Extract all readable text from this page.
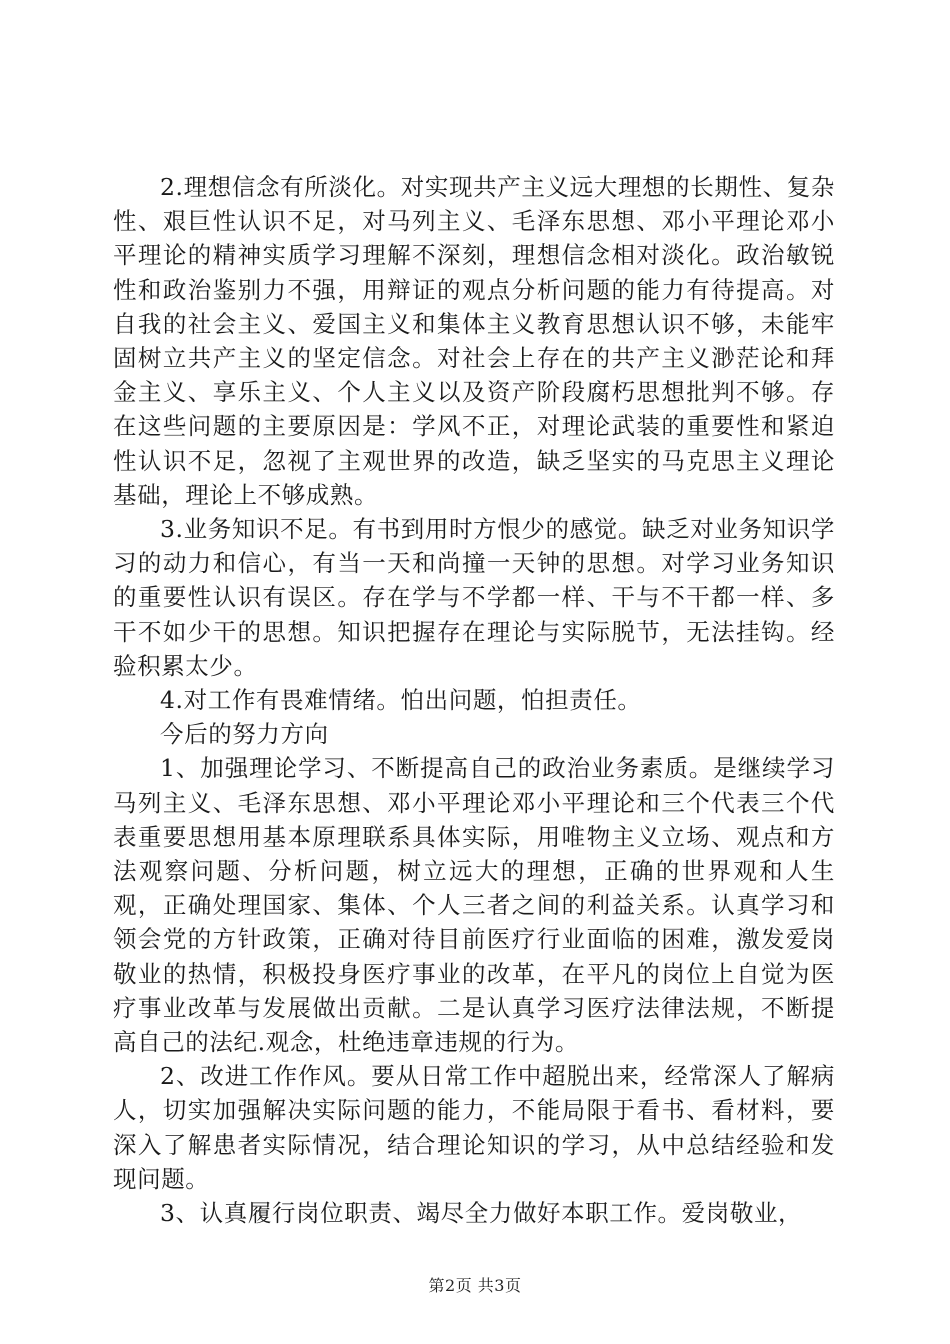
2.理想信念有所淡化。对实现共产主义远大理想的长期性、复杂性、艰巨性认识不足，对马列主义、毛泽东思想、邓小平理论邓小平理论的精神实质学习理解不深刻，理想信念相对淡化。政治敏锐性和政治鉴别力不强，用辩证的观点分析问题的能力有待提高。对自我的社会主义、爱国主义和集体主义教育思想认识不够，未能牢固树立共产主义的坚定信念。对社会上存在的共产主义渺茫论和拜金主义、享乐主义、个人主义以及资产阶段腐朽思想批判不够。存在这些问题的主要原因是：学风不正，对理论武装的重要性和紧迫性认识不足，忽视了主观世界的改造，缺乏坚实的马克思主义理论基础，理论上不够成熟。

3.业务知识不足。有书到用时方恨少的感觉。缺乏对业务知识学习的动力和信心，有当一天和尚撞一天钟的思想。对学习业务知识的重要性认识有误区。存在学与不学都一样、干与不干都一样、多干不如少干的思想。知识把握存在理论与实际脱节，无法挂钩。经验积累太少。

4.对工作有畏难情绪。怕出问题，怕担责任。

今后的努力方向

1、加强理论学习、不断提高自己的政治业务素质。是继续学习马列主义、毛泽东思想、邓小平理论邓小平理论和三个代表三个代表重要思想用基本原理联系具体实际，用唯物主义立场、观点和方法观察问题、分析问题，树立远大的理想，正确的世界观和人生观，正确处理国家、集体、个人三者之间的利益关系。认真学习和领会党的方针政策，正确对待目前医疗行业面临的困难，激发爱岗敬业的热情，积极投身医疗事业的改革，在平凡的岗位上自觉为医疗事业改革与发展做出贡献。二是认真学习医疗法律法规，不断提高自己的法纪.观念，杜绝违章违规的行为。

2、改进工作作风。要从日常工作中超脱出来，经常深人了解病人，切实加强解决实际问题的能力，不能局限于看书、看材料，要深入了解患者实际情况，结合理论知识的学习，从中总结经验和发现问题。

3、认真履行岗位职责、竭尽全力做好本职工作。爱岗敬业，

第2页 共3页
